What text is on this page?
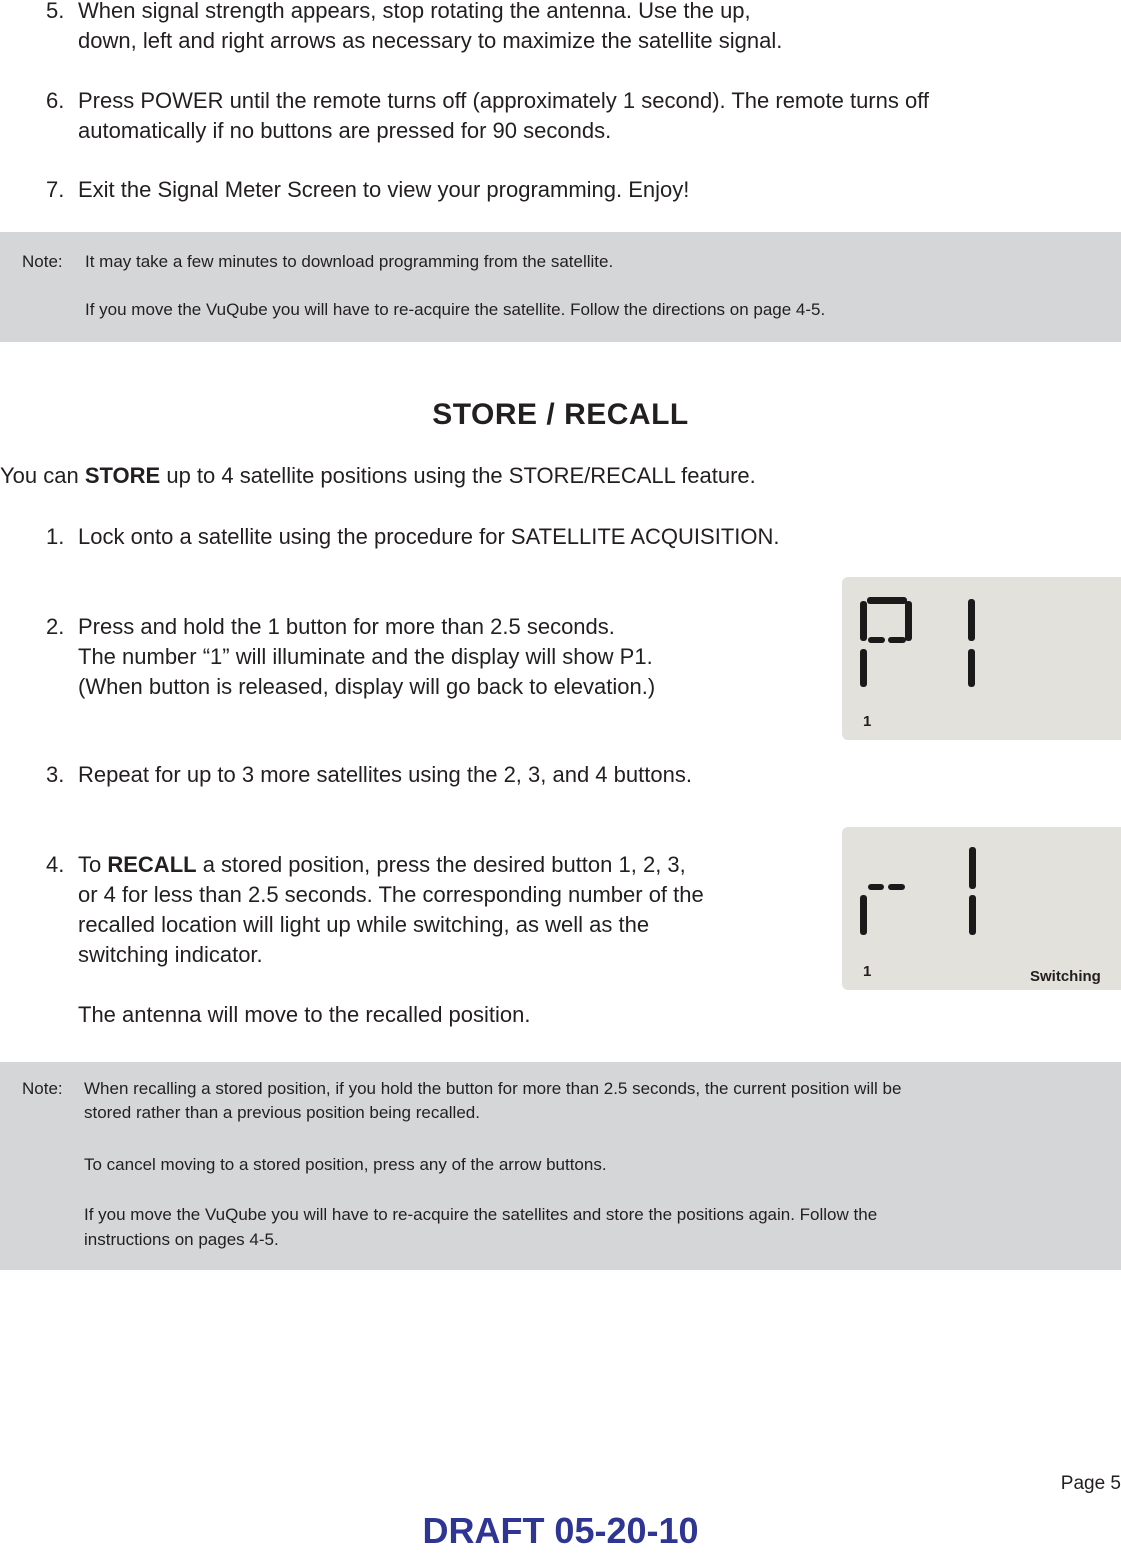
5. When signal strength appears, stop rotating the antenna. Use the up,
down, left and right arrows as necessary to maximize the satellite signal.
6. Press POWER until the remote turns off (approximately 1 second). The remote turns off
automatically if no buttons are pressed for 90 seconds.
7. Exit the Signal Meter Screen to view your programming. Enjoy!
Note: It may take a few minutes to download programming from the satellite.
If you move the VuQube you will have to re-acquire the satellite. Follow the directions on page 4-5.
STORE / RECALL
You can STORE up to 4 satellite positions using the STORE/RECALL feature.
1. Lock onto a satellite using the procedure for SATELLITE ACQUISITION.
2. Press and hold the 1 button for more than 2.5 seconds.
The number “1” will illuminate and the display will show P1.
(When button is released, display will go back to elevation.)
3. Repeat for up to 3 more satellites using the 2, 3, and 4 buttons.
4. To RECALL a stored position, press the desired button 1, 2, 3,
or 4 for less than 2.5 seconds. The corresponding number of the
recalled location will light up while switching, as well as the
switching indicator.
The antenna will move to the recalled position.
1
1	Switching
Note: When recalling a stored position, if you hold the button for more than 2.5 seconds, the current position will be
stored rather than a previous position being recalled.
To cancel moving to a stored position, press any of the arrow buttons.
If you move the VuQube you will have to re-acquire the satellites and store the positions again. Follow the
instructions on pages 4-5.
Page 5
DRAFT 05-20-10
